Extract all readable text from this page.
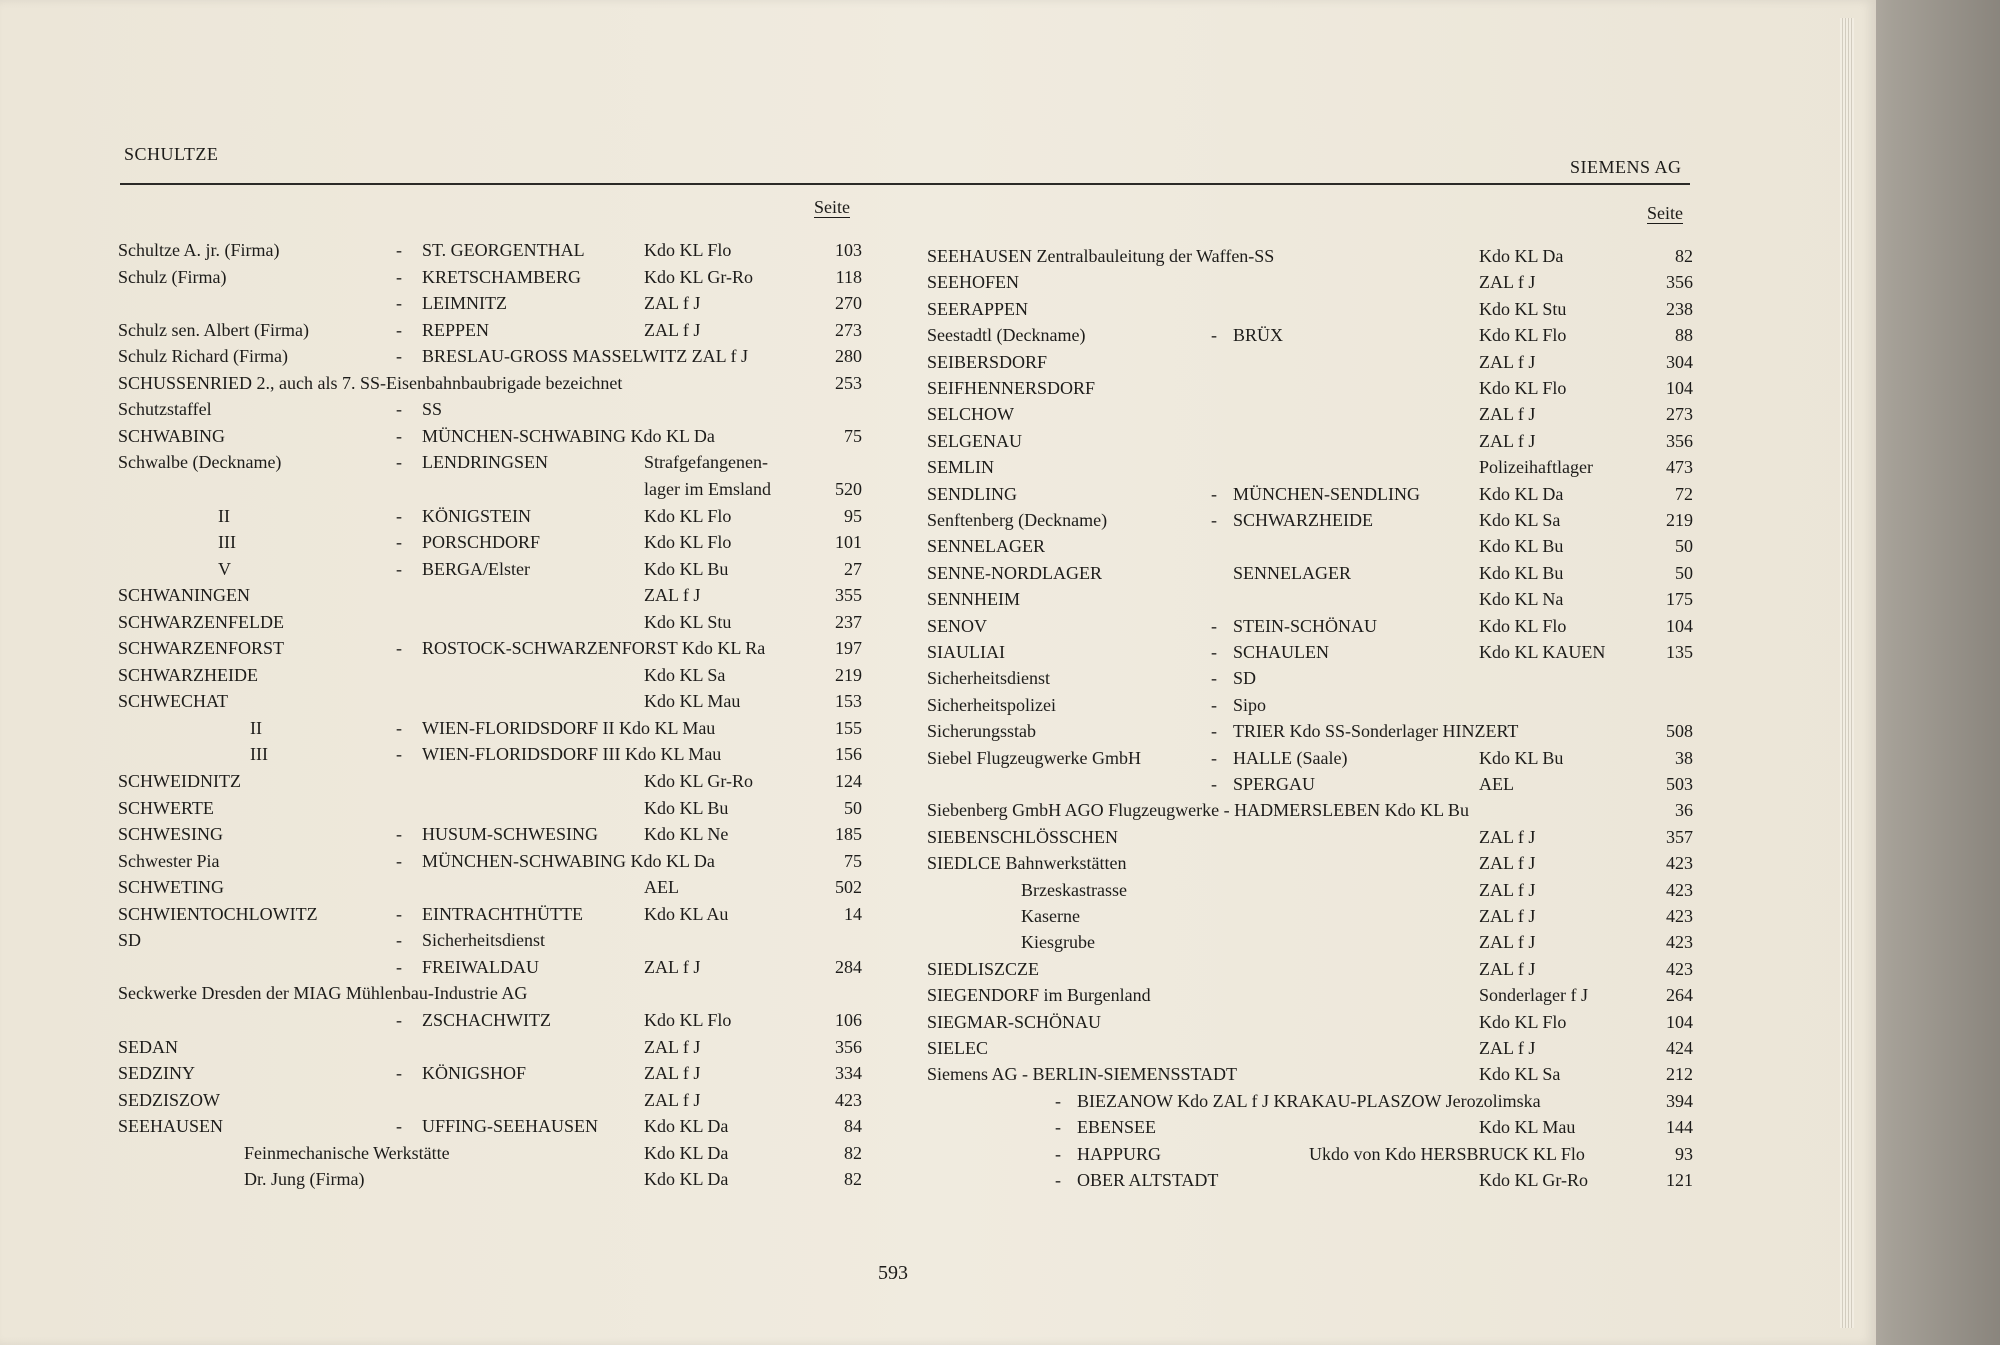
SCHULTZE
SIEMENS AG
Seite	Seite
Schultze A. jr. (Firma)	- ST. GEORGENTHAL	Kdo KL Flo	103
Schulz (Firma)	- KRETSCHAMBERG	Kdo KL Gr-Ro	118
- LEIMNITZ	ZAL f J	270
Schulz sen. Albert (Firma)	- REPPEN	ZAL f J	273
Schulz Richard (Firma)	- BRESLAU-GROSS MASSELWITZ ZAL f J	280
SCHUSSENRIED 2., auch als 7. SS-Eisenbahnbaubrigade bezeichnet	253
Schutzstaffel	- SS
SCHWABING	- MÜNCHEN-SCHWABING Kdo KL Da	75
Schwalbe (Deckname)	- LENDRINGSEN	Strafgefangenen-
lager im Emsland	520
II	- KÖNIGSTEIN	Kdo KL Flo	95
III	- PORSCHDORF	Kdo KL Flo	101
V	- BERGA/Elster	Kdo KL Bu	27
SCHWANINGEN	ZAL f J	355
SCHWARZENFELDE	Kdo KL Stu	237
SCHWARZENFORST	- ROSTOCK-SCHWARZENFORST Kdo KL Ra	197
SCHWARZHEIDE	Kdo KL Sa	219
SCHWECHAT	Kdo KL Mau	153
II	- WIEN-FLORIDSDORF II Kdo KL Mau	155
III	- WIEN-FLORIDSDORF III Kdo KL Mau	156
SCHWEIDNITZ	Kdo KL Gr-Ro	124
SCHWERTE	Kdo KL Bu	50
SCHWESING	- HUSUM-SCHWESING	Kdo KL Ne	185
Schwester Pia	- MÜNCHEN-SCHWABING Kdo KL Da	75
SCHWETING	AEL	502
SCHWIENTOCHLOWITZ	- EINTRACHTHÜTTE	Kdo KL Au	14
SD	- Sicherheitsdienst
- FREIWALDAU	ZAL f J	284
Seckwerke Dresden der MIAG Mühlenbau-Industrie AG
- ZSCHACHWITZ	Kdo KL Flo	106
SEDAN	ZAL f J	356
SEDZINY	- KÖNIGSHOF	ZAL f J	334
SEDZISZOW	ZAL f J	423
SEEHAUSEN	- UFFING-SEEHAUSEN	Kdo KL Da	84
Feinmechanische Werkstätte	Kdo KL Da	82
Dr. Jung (Firma)	Kdo KL Da	82
SEEHAUSEN Zentralbauleitung der Waffen-SS	Kdo KL Da	82
SEEHOFEN	ZAL f J	356
SEERAPPEN	Kdo KL Stu	238
Seestadtl (Deckname)	- BRÜX	Kdo KL Flo	88
SEIBERSDORF	ZAL f J	304
SEIFHENNERSDORF	Kdo KL Flo	104
SELCHOW	ZAL f J	273
SELGENAU	ZAL f J	356
SEMLIN	Polizeihaftlager	473
SENDLING	- MÜNCHEN-SENDLING	Kdo KL Da	72
Senftenberg (Deckname)	- SCHWARZHEIDE	Kdo KL Sa	219
SENNELAGER	Kdo KL Bu	50
SENNE-NORDLAGER	SENNELAGER	Kdo KL Bu	50
SENNHEIM	Kdo KL Na	175
SENOV	- STEIN-SCHÖNAU	Kdo KL Flo	104
SIAULIAI	- SCHAULEN	Kdo KL KAUEN	135
Sicherheitsdienst	- SD
Sicherheitspolizei	- Sipo
Sicherungsstab	- TRIER Kdo SS-Sonderlager HINZERT	508
Siebel Flugzeugwerke GmbH	- HALLE (Saale)	Kdo KL Bu	38
- SPERGAU	AEL	503
Siebenberg GmbH AGO Flugzeugwerke - HADMERSLEBEN Kdo KL Bu	36
SIEBENSCHLÖSSCHEN	ZAL f J	357
SIEDLCE Bahnwerkstätten	ZAL f J	423
Brzeskastrasse	ZAL f J	423
Kaserne	ZAL f J	423
Kiesgrube	ZAL f J	423
SIEDLISZCZE	ZAL f J	423
SIEGENDORF im Burgenland	Sonderlager f J	264
SIEGMAR-SCHÖNAU	Kdo KL Flo	104
SIELEC	ZAL f J	424
Siemens AG - BERLIN-SIEMENSSTADT	Kdo KL Sa	212
- BIEZANOW Kdo ZAL f J KRAKAU-PLASZOW Jerozolimska	394
- EBENSEE	Kdo KL Mau	144
- HAPPURG	Ukdo von Kdo HERSBRUCK KL Flo	93
- OBER ALTSTADT	Kdo KL Gr-Ro	121
593
